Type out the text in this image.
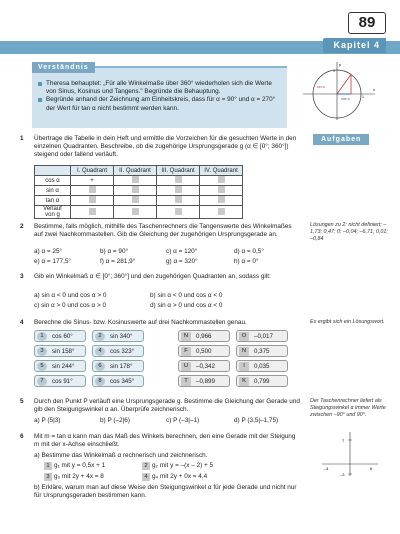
89
Kapitel 4
Theresa behauptet: „Für alle Winkelmaße über 360° wiederholen sich die Werte von Sinus, Kosinus und Tangens." Begründe die Behauptung.
Begründe anhand der Zeichnung am Einheitskreis, dass für α = 90° und α = 270° der Wert für tan α nicht bestimmt werden kann.
Verständnis	y
x
sin α
cos α	1
1
Aufgaben
1	Übertrage die Tabelle in dein Heft und ermittle die Vorzeichen für die gesuchten Werte in den einzelnen Quadranten. Beschreibe, ob die zugehörige Ursprungsgerade g (α ∈ [0°; 360°]) steigend oder fallend verläuft.
	I. Quadrant	II. Quadrant	III. Quadrant	IV. Quadrant
cos α	+			
sin α				
tan α				
Verlauf von g				
2	Bestimme, falls möglich, mithilfe des Taschenrechners die Tangenswerte des Winkelmaßes auf zwei Nachkommastellen. Gib die Gleichung der zugehörigen Ursprungsgerade an.
a) α = 25°	b) α = 90°	c) α = 120°	d) α = 0,5°
e) α = 177,5°	f) α = 281,9°	g) α = 320°	h) α = 0°
Lösungen zu 2: nicht definiert; –1,73; 0,47; 0; –0,04; –6,71; 0,01; –0,84
3	Gib ein Winkelmaß α ∈ [0°; 360°] und den zugehörigen Quadranten an, sodass gilt:
a) sin α < 0 und cos α > 0	b) sin α < 0 und cos α < 0
c) sin α > 0 und cos α > 0	d) sin α > 0 und cos α < 0
4	Berechne die Sinus- bzw. Kosinuswerte auf drei Nachkommastellen genau.	Es ergibt sich ein Lösungswort.
1	cos 60°	2	sin 340°
3	sin 158°	4	cos 323°
5	sin 244°	6	sin 178°
7	cos 91°	8	cos 345°
N	0,966	O	–0,017
F	0,500	N	0,375
U	–0,342	I	0,035
T	–0,899	K	0,799
5	Durch den Punkt P verläuft eine Ursprungsgerade g. Bestimme die Gleichung der Gerade und gib den Steigungswinkel α an. Überprüfe zeichnerisch.
a) P (5|3)	b) P (–2|6)	c) P (–3|–1)	d) P (3,5|–1,75)
Der Taschenrechner liefert als Steigungswinkel α immer Werte zwischen –90° und 90°.
6	Mit m = tan α kann man das Maß des Winkels berechnen, den eine Gerade mit der Steigung m mit der x-Achse einschließt.
a) Bestimme das Winkelmaß α rechnerisch und zeichnerisch.
1 g₁ mit y = 0,5x + 1	2 g₂ mit y = –(x – 2) + 5
3 g₃ mit 2y + 4x = 8	4 g₄ mit 2y + 0x = 4,4
b) Erkläre, warum man auf diese Weise den Steigungswinkel α für jede Gerade und nicht nur für Ursprungsgeraden bestimmen kann.
7
–3
–4	6
